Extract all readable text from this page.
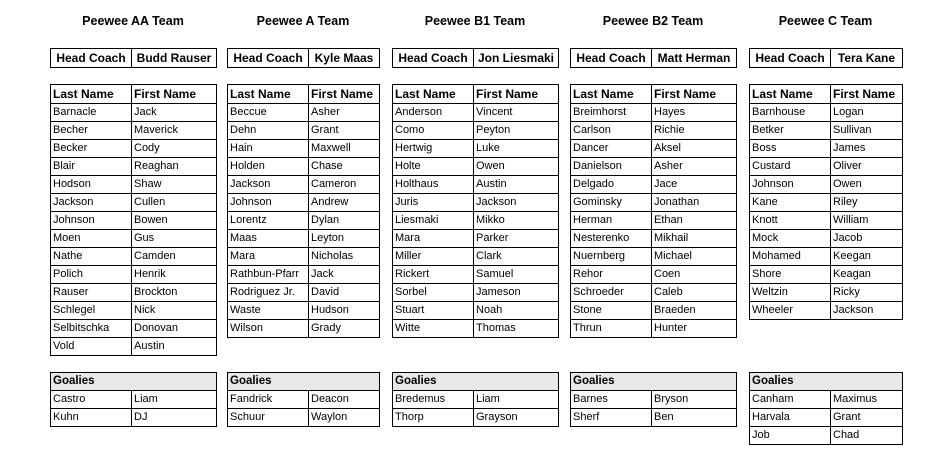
Peewee AA Team
Head Coach	Budd Rauser
Last Name	First Name
Barnacle	Jack
Becher	Maverick
Becker	Cody
Blair	Reaghan
Hodson	Shaw
Jackson	Cullen
Johnson	Bowen
Moen	Gus
Nathe	Camden
Polich	Henrik
Rauser	Brockton
Schlegel	Nick
Selbitschka	Donovan
Vold	Austin
Goalies	
Castro	Liam
Kuhn	DJ
Peewee A Team
Head Coach	Kyle Maas
Last Name	First Name
Beccue	Asher
Dehn	Grant
Hain	Maxwell
Holden	Chase
Jackson	Cameron
Johnson	Andrew
Lorentz	Dylan
Maas	Leyton
Mara	Nicholas
Rathbun-Pfarr	Jack
Rodriguez Jr.	David
Waste	Hudson
Wilson	Grady
Goalies	
Fandrick	Deacon
Schuur	Waylon
Peewee B1 Team
Head Coach	Jon Liesmaki
Last Name	First Name
Anderson	Vincent
Como	Peyton
Hertwig	Luke
Holte	Owen
Holthaus	Austin
Juris	Jackson
Liesmaki	Mikko
Mara	Parker
Miller	Clark
Rickert	Samuel
Sorbel	Jameson
Stuart	Noah
Witte	Thomas
Goalies	
Bredemus	Liam
Thorp	Grayson
Peewee B2 Team
Head Coach	Matt Herman
Last Name	First Name
Breimhorst	Hayes
Carlson	Richie
Dancer	Aksel
Danielson	Asher
Delgado	Jace
Gominsky	Jonathan
Herman	Ethan
Nesterenko	Mikhail
Nuernberg	Michael
Rehor	Coen
Schroeder	Caleb
Stone	Braeden
Thrun	Hunter
Goalies	
Barnes	Bryson
Sherf	Ben
Peewee C Team
Head Coach	Tera Kane
Last Name	First Name
Barnhouse	Logan
Betker	Sullivan
Boss	James
Custard	Oliver
Johnson	Owen
Kane	Riley
Knott	William
Mock	Jacob
Mohamed	Keegan
Shore	Keagan
Weltzin	Ricky
Wheeler	Jackson
Goalies	
Canham	Maximus
Harvala	Grant
Job	Chad
